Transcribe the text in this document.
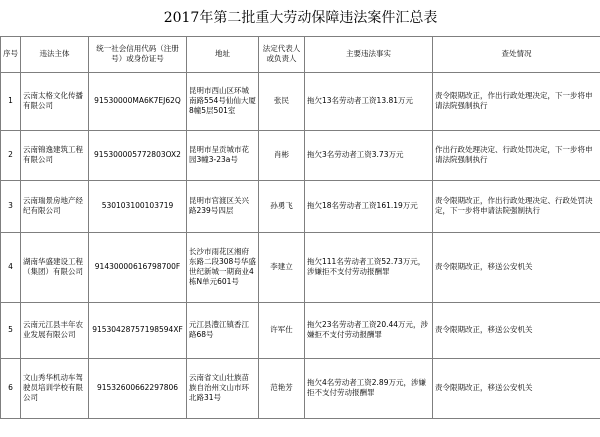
2017年第二批重大劳动保障违法案件汇总表						
序号	违法主体	统一社会信用代码（注册号）或身份证号	地址	法定代表人或负责人	主要违法事实	查处情况
1	云南太格文化传播有限公司	91530000MA6K7EJ62Q	昆明市西山区环城南路554号仙仙大厦8幢5层501室	张民	拖欠13名劳动者工资13.81万元	责令限期改正，作出行政处理决定，下一步将申请法院强制执行
2	云南锦逸建筑工程有限公司	915300005772803OX2	昆明市呈贡城市花园3幢3-23a号	肖彬	拖欠3名劳动者工资3.73万元	作出行政处理决定、行政处罚决定，下一步将申请法院强制执行
3	云南瑞景房地产经纪有限公司	530103100103719	昆明市官渡区关兴路239号四层	孙勇飞	拖欠18名劳动者工资161.19万元	责令限期改正，作出行政处理决定、行政处罚决定，下一步将申请法院强制执行
4	湖南华盛建设工程（集团）有限公司	91430000616798700F	长沙市雨花区湘府东路二段308号华盛世纪新城一期商业4栋N单元601号	李建立	拖欠111名劳动者工资52.73万元，涉嫌拒不支付劳动报酬罪	责令限期改正，移送公安机关
5	云南元江县丰年农业发展有限公司	91530428757198594XF	元江县澧江镇香江路68号	许军仕	拖欠23名劳动者工资20.44万元，涉嫌拒不支付劳动报酬罪	责令限期改正，移送公安机关
6	文山秀华机动车驾驶员培训学校有限公司	91532600662297806	云南省文山壮族苗族自治州文山市环北路31号	范艳芳	拖欠4名劳动者工资2.89万元，涉嫌拒不支付劳动报酬罪	责令限期改正，移送公安机关
